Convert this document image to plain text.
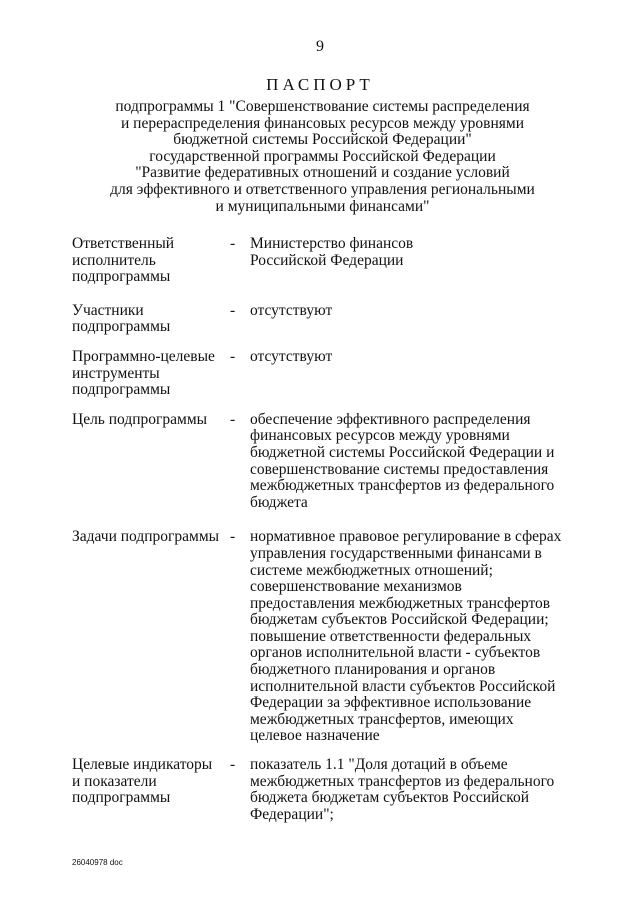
9
ПАСПОРТ
подпрограммы 1 "Совершенствование системы распределения
и перераспределения финансовых ресурсов между уровнями
бюджетной системы Российской Федерации"
государственной программы Российской Федерации
"Развитие федеративных отношений и создание условий
для эффективного и ответственного управления региональными
и муниципальными финансами"
Ответственный
исполнитель
подпрограммы
- Министерство финансов
Российской Федерации
Участники
подпрограммы
- отсутствуют
Программно-целевые
инструменты
подпрограммы
- отсутствуют
Цель подпрограммы	- обеспечение эффективного распределения
финансовых ресурсов между уровнями
бюджетной системы Российской Федерации и
совершенствование системы предоставления
межбюджетных трансфертов из федерального
бюджета
Задачи подпрограммы - нормативное правовое регулирование в сферах
управления государственными финансами в
системе межбюджетных отношений;
совершенствование механизмов
предоставления межбюджетных трансфертов
бюджетам субъектов Российской Федерации;
повышение ответственности федеральных
органов исполнительной власти - субъектов
бюджетного планирования и органов
исполнительной власти субъектов Российской
Федерации за эффективное использование
межбюджетных трансфертов, имеющих
целевое назначение
Целевые индикаторы
и показатели
подпрограммы
- показатель 1.1 "Доля дотаций в объеме
межбюджетных трансфертов из федерального
бюджета бюджетам субъектов Российской
Федерации";
26040978 doc
